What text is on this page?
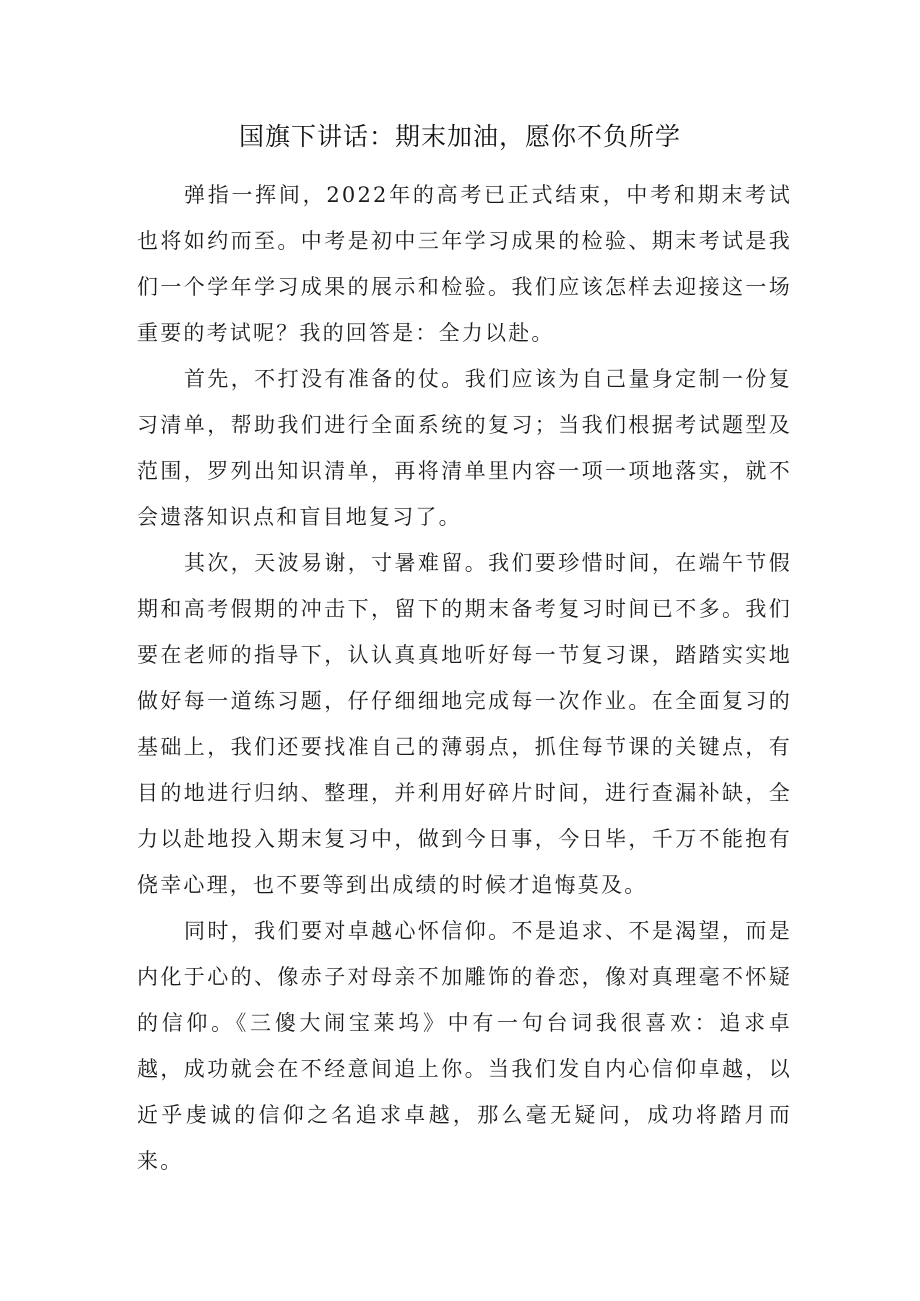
国旗下讲话：期末加油，愿你不负所学

弹指一挥间，2022年的高考已正式结束，中考和期末考试也将如约而至。中考是初中三年学习成果的检验、期末考试是我们一个学年学习成果的展示和检验。我们应该怎样去迎接这一场重要的考试呢？我的回答是：全力以赴。

首先，不打没有准备的仗。我们应该为自己量身定制一份复习清单，帮助我们进行全面系统的复习；当我们根据考试题型及范围，罗列出知识清单，再将清单里内容一项一项地落实，就不会遗落知识点和盲目地复习了。

其次，天波易谢，寸暑难留。我们要珍惜时间，在端午节假期和高考假期的冲击下，留下的期末备考复习时间已不多。我们要在老师的指导下，认认真真地听好每一节复习课，踏踏实实地做好每一道练习题，仔仔细细地完成每一次作业。在全面复习的基础上，我们还要找准自己的薄弱点，抓住每节课的关键点，有目的地进行归纳、整理，并利用好碎片时间，进行查漏补缺，全力以赴地投入期末复习中，做到今日事，今日毕，千万不能抱有侥幸心理，也不要等到出成绩的时候才追悔莫及。

同时，我们要对卓越心怀信仰。不是追求、不是渴望，而是内化于心的、像赤子对母亲不加雕饰的眷恋，像对真理毫不怀疑的信仰。《三傻大闹宝莱坞》中有一句台词我很喜欢：追求卓越，成功就会在不经意间追上你。当我们发自内心信仰卓越，以近乎虔诚的信仰之名追求卓越，那么毫无疑问，成功将踏月而来。
